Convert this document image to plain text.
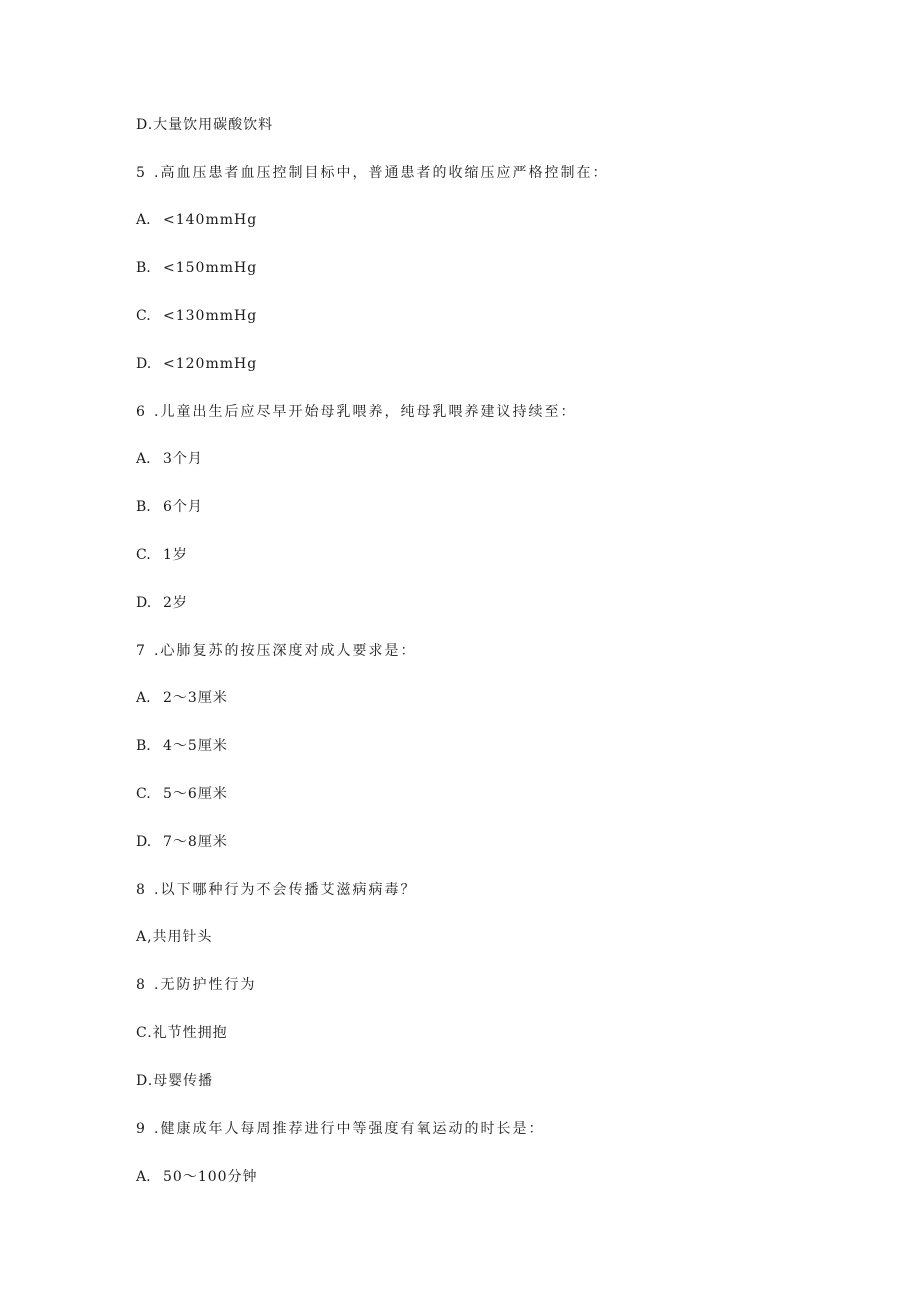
D.大量饮用碳酸饮料
5 .高血压患者血压控制目标中，普通患者的收缩压应严格控制在：
A. <140mmHg
B. <150mmHg
C. <130mmHg
D. <120mmHg
6 .儿童出生后应尽早开始母乳喂养，纯母乳喂养建议持续至：
A. 3个月
B. 6个月
C. 1岁
D. 2岁
7 .心肺复苏的按压深度对成人要求是：
A. 2〜3厘米
B. 4〜5厘米
C. 5〜6厘米
D. 7〜8厘米
8 .以下哪种行为不会传播艾滋病病毒？
A,共用针头
8 .无防护性行为
C.礼节性拥抱
D.母婴传播
9 .健康成年人每周推荐进行中等强度有氧运动的时长是：
A. 50〜100分钟
